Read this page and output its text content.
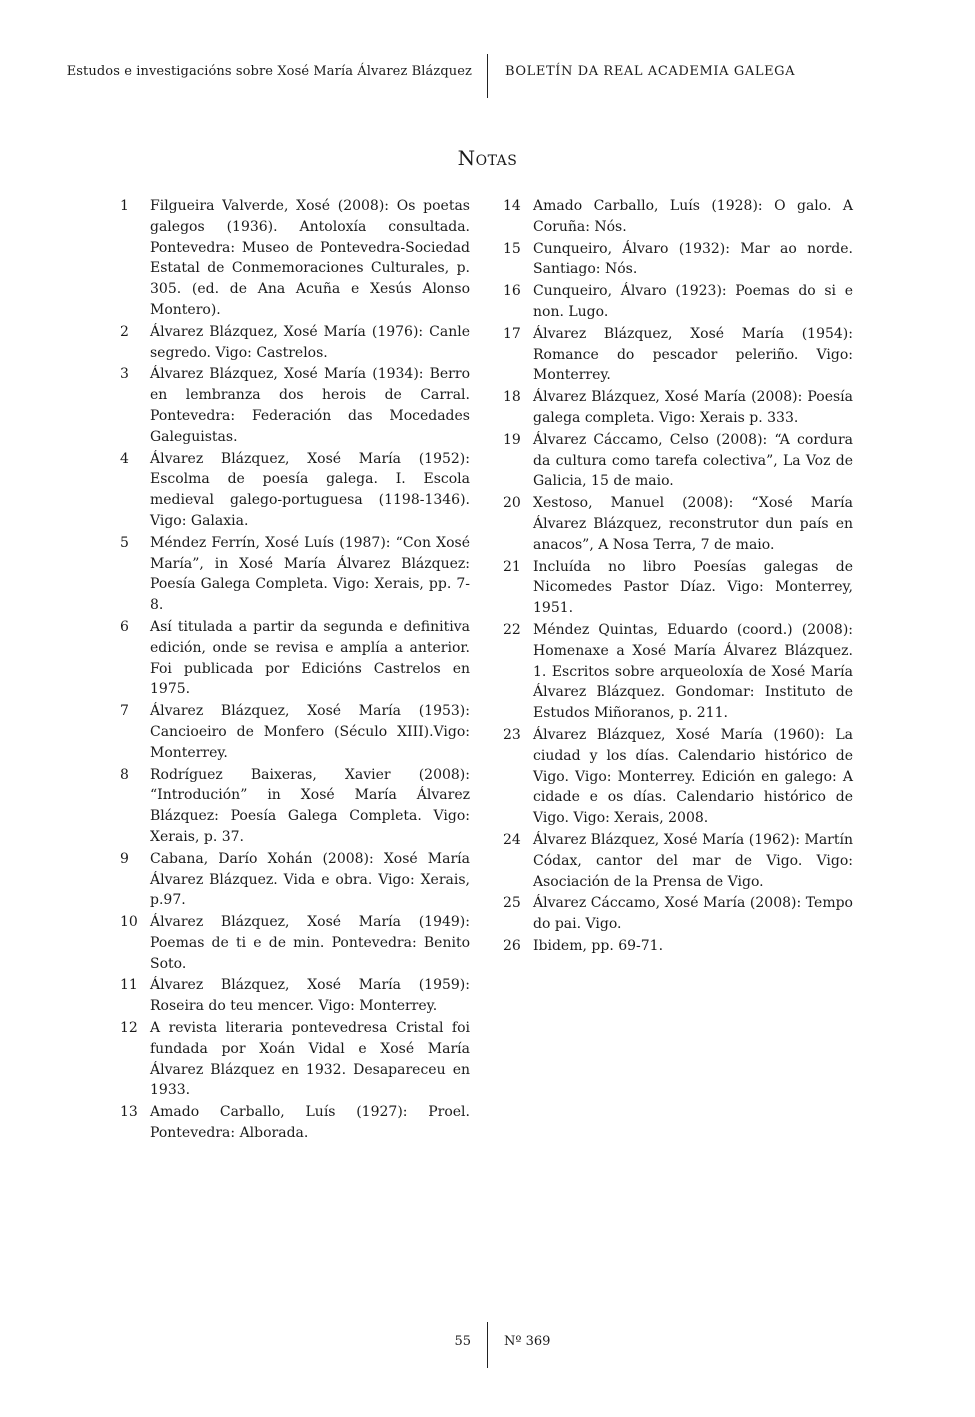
Estudos e investigacións sobre Xosé María Álvarez Blázquez	BOLETÍN DA REAL ACADEMIA GALEGA
Notas
1 Filgueira Valverde, Xosé (2008): Os poetas galegos (1936). Antoloxía consultada. Pontevedra: Museo de Pontevedra-Sociedad Estatal de Conmemoraciones Culturales, p. 305. (ed. de Ana Acuña e Xesús Alonso Montero).
2 Álvarez Blázquez, Xosé María (1976): Canle segredo. Vigo: Castrelos.
3 Álvarez Blázquez, Xosé María (1934): Berro en lembranza dos herois de Carral. Pontevedra: Federación das Mocedades Galeguistas.
4 Álvarez Blázquez, Xosé María (1952): Escolma de poesía galega. I. Escola medieval galego-portuguesa (1198-1346). Vigo: Galaxia.
5 Méndez Ferrín, Xosé Luís (1987): “Con Xosé María”, in Xosé María Álvarez Blázquez: Poesía Galega Completa. Vigo: Xerais, pp. 7-8.
6 Así titulada a partir da segunda e definitiva edición, onde se revisa e amplía a anterior. Foi publicada por Edicións Castrelos en 1975.
7 Álvarez Blázquez, Xosé María (1953): Cancioeiro de Monfero (Século XIII).Vigo: Monterrey.
8 Rodríguez Baixeras, Xavier (2008): “Introdución” in Xosé María Álvarez Blázquez: Poesía Galega Completa. Vigo: Xerais, p. 37.
9 Cabana, Darío Xohán (2008): Xosé María Álvarez Blázquez. Vida e obra. Vigo: Xerais, p.97.
10 Álvarez Blázquez, Xosé María (1949): Poemas de ti e de min. Pontevedra: Benito Soto.
11 Álvarez Blázquez, Xosé María (1959): Roseira do teu mencer. Vigo: Monterrey.
12 A revista literaria pontevedresa Cristal foi fundada por Xoán Vidal e Xosé María Álvarez Blázquez en 1932. Desapareceu en 1933.
13 Amado Carballo, Luís (1927): Proel. Pontevedra: Alborada.
14 Amado Carballo, Luís (1928): O galo. A Coruña: Nós.
15 Cunqueiro, Álvaro (1932): Mar ao norde. Santiago: Nós.
16 Cunqueiro, Álvaro (1923): Poemas do si e non. Lugo.
17 Álvarez Blázquez, Xosé María (1954): Romance do pescador peleriño. Vigo: Monterrey.
18 Álvarez Blázquez, Xosé María (2008): Poesía galega completa. Vigo: Xerais p. 333.
19 Álvarez Cáccamo, Celso (2008): “A cordura da cultura como tarefa colectiva”, La Voz de Galicia, 15 de maio.
20 Xestoso, Manuel (2008): “Xosé María Álvarez Blázquez, reconstrutor dun país en anacos”, A Nosa Terra, 7 de maio.
21 Incluída no libro Poesías galegas de Nicomedes Pastor Díaz. Vigo: Monterrey, 1951.
22 Méndez Quintas, Eduardo (coord.) (2008): Homenaxe a Xosé María Álvarez Blázquez. 1. Escritos sobre arqueoloxía de Xosé María Álvarez Blázquez. Gondomar: Instituto de Estudos Miñoranos, p. 211.
23 Álvarez Blázquez, Xosé María (1960): La ciudad y los días. Calendario histórico de Vigo. Vigo: Monterrey. Edición en galego: A cidade e os días. Calendario histórico de Vigo. Vigo: Xerais, 2008.
24 Álvarez Blázquez, Xosé María (1962): Martín Códax, cantor del mar de Vigo. Vigo: Asociación de la Prensa de Vigo.
25 Álvarez Cáccamo, Xosé María (2008): Tempo do pai. Vigo.
26 Ibidem, pp. 69-71.
55	Nº 369
